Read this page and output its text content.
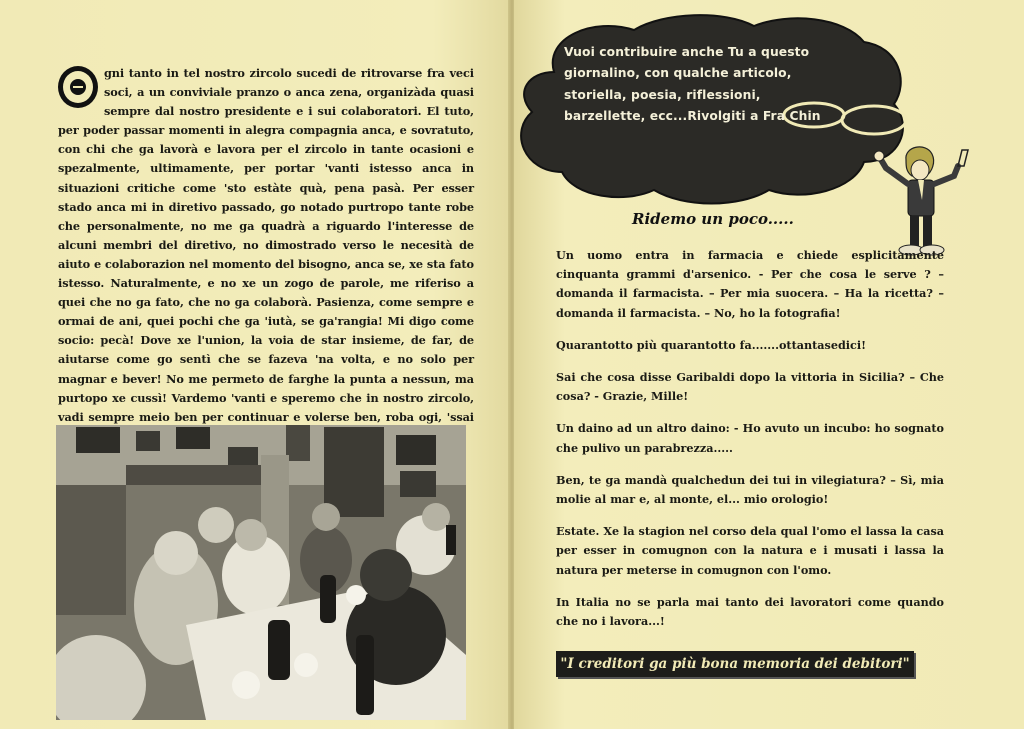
gni tanto in tel nostro zircolo sucedi de ritrovarse fra veci soci, a un conviviale pranzo o anca zena, organizàda quasi sempre dal nostro presidente e i sui colaboratori. El tuto, per poder passar momenti in alegra compagnia anca, e sovratuto, con chi che ga lavorà e lavora per el zircolo in tante ocasioni e spezalmente, ultimamente, per portar 'vanti istesso anca in situazioni critiche come 'sto estàte quà, pena pasà. Per esser stado anca mi in diretivo passado, go notado purtropo tante robe che personalmente, no me ga quadrà a riguardo l'interesse de alcuni membri del diretivo, no dimostrado verso le necesità de aiuto e colaborazion nel momento del bisogno, anca se, xe sta fato istesso. Naturalmente, e no xe un zogo de parole, me riferiso a quei che no ga fato, che no ga colaborà. Pasienza, come sempre e ormai de ani, quei pochi che ga 'iutà, se ga'rangia! Mi digo come socio: pecà! Dove xe l'union, la voia de star insieme, de far, de aiutarse come go sentì che se fazeva 'na volta, e no solo per magnar e bever! No me permeto de farghe la punta a nessun, ma purtopo xe cussì! Vardemo 'vanti e speremo che in nostro zircolo, vadi sempre meio ben per continuar e volerse ben, roba ogi, 'ssai
Vuoi contribuire anche Tu a questo giornalino, con qualche articolo, storiella, poesia, riflessioni, barzellette, ecc...Rivolgiti a Fra Chin
Ridemo un poco.....

Un uomo entra in farmacia e chiede esplicitamente cinquanta grammi d'arsenico. - Per che cosa le serve ? – domanda il farmacista. – Per mia suocera. – Ha la ricetta? – domanda il farmacista. – No, ho la fotografia!

Quarantotto più quarantotto fa.......ottantasedici!

Sai che cosa disse Garibaldi dopo la vittoria in Sicilia? – Che cosa? - Grazie, Mille!

Un daino ad un altro daino: - Ho avuto un incubo: ho sognato che pulivo un parabrezza.....

Ben, te ga mandà qualchedun dei tui in vilegiatura? – Sì, mia molie al mar e, al monte, el... mio orologio!

Estate. Xe la stagion nel corso dela qual l'omo el lassa la casa per esser in comugnon con la natura e i musati i lassa la natura per meterse in comugnon con l'omo.

In Italia no se parla mai tanto dei lavoratori come quando che no i lavora...!

"I creditori ga più bona memoria dei debitori"
